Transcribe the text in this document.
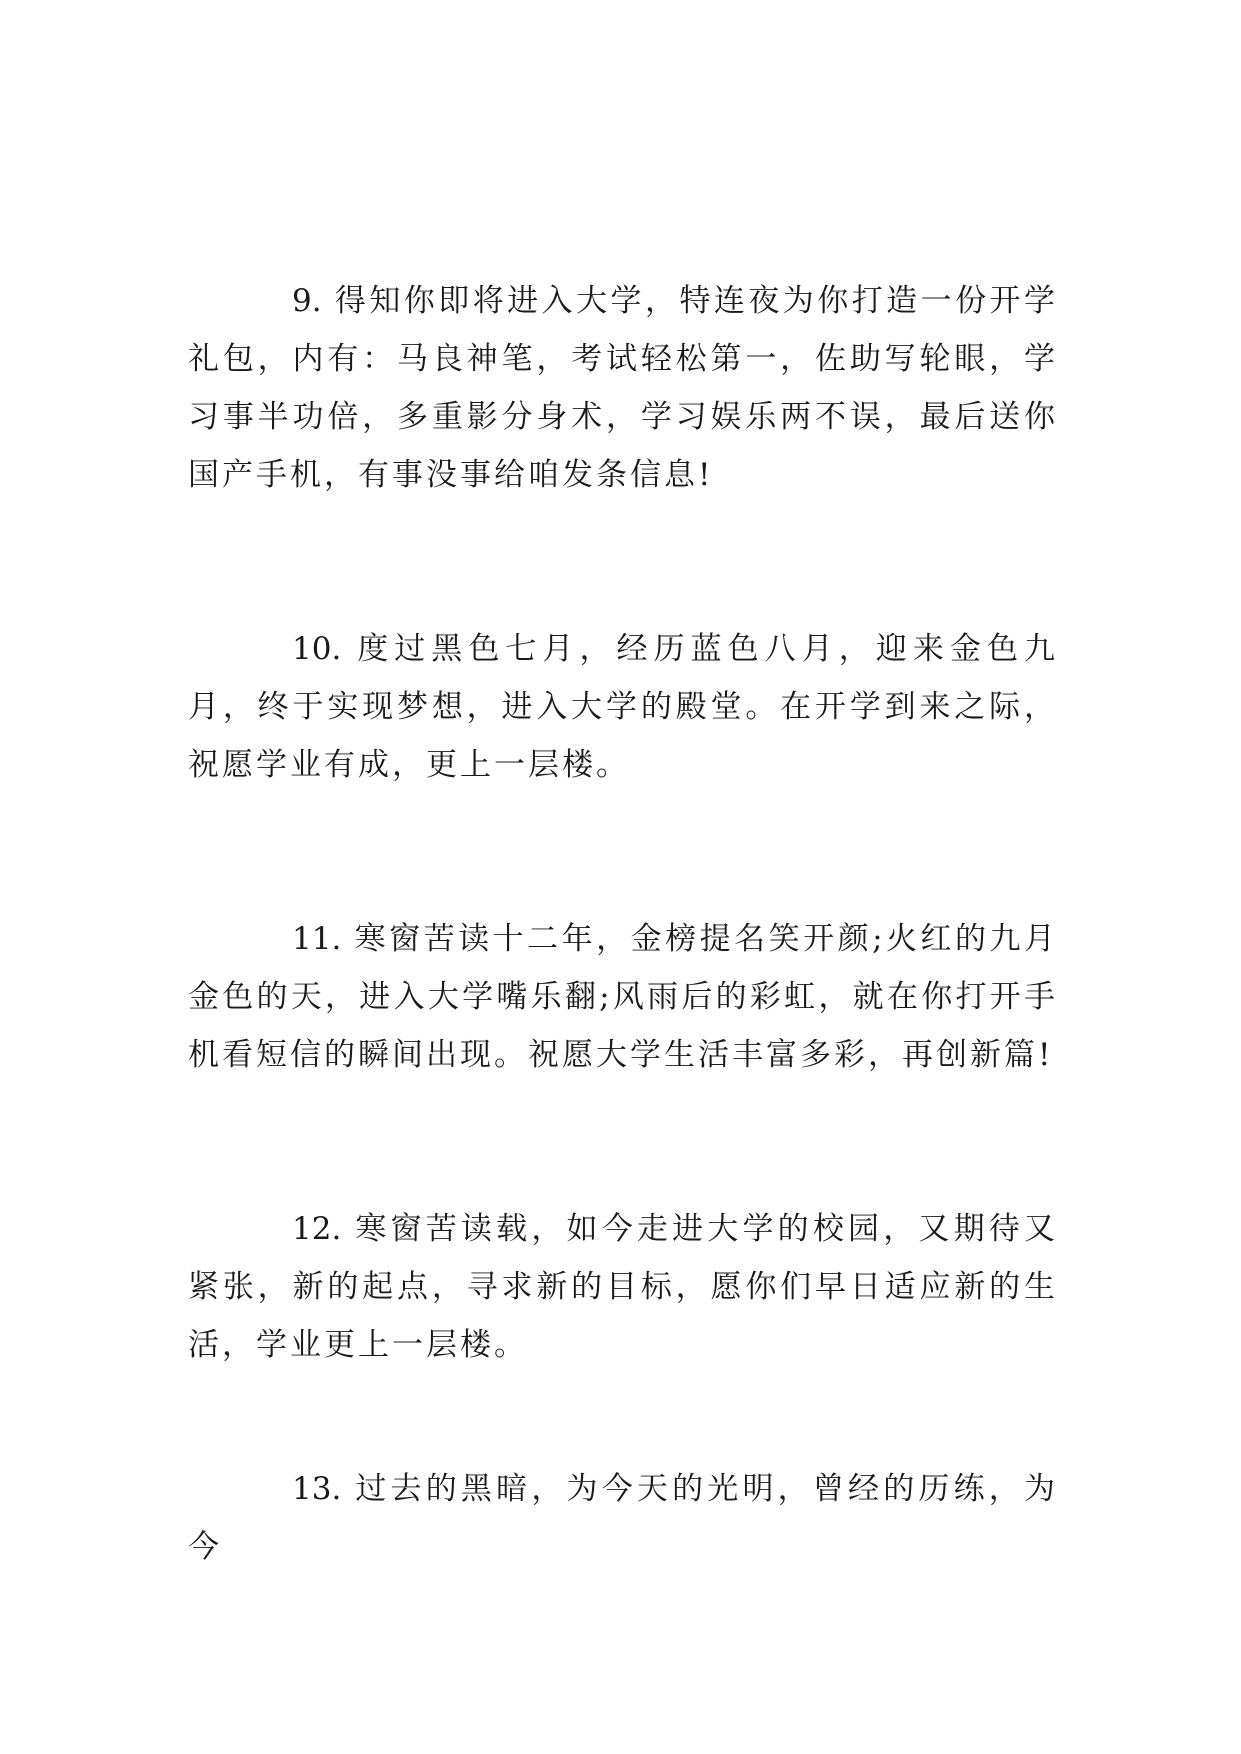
9. 得知你即将进入大学，特连夜为你打造一份开学礼包，内有：马良神笔，考试轻松第一，佐助写轮眼，学习事半功倍，多重影分身术，学习娱乐两不误，最后送你国产手机，有事没事给咱发条信息!

10. 度过黑色七月，经历蓝色八月，迎来金色九月，终于实现梦想，进入大学的殿堂。在开学到来之际，祝愿学业有成，更上一层楼。

11. 寒窗苦读十二年，金榜提名笑开颜;火红的九月金色的天，进入大学嘴乐翻;风雨后的彩虹，就在你打开手机看短信的瞬间出现。祝愿大学生活丰富多彩，再创新篇!

12. 寒窗苦读载，如今走进大学的校园，又期待又紧张，新的起点，寻求新的目标，愿你们早日适应新的生活，学业更上一层楼。

13. 过去的黑暗，为今天的光明，曾经的历练，为今
